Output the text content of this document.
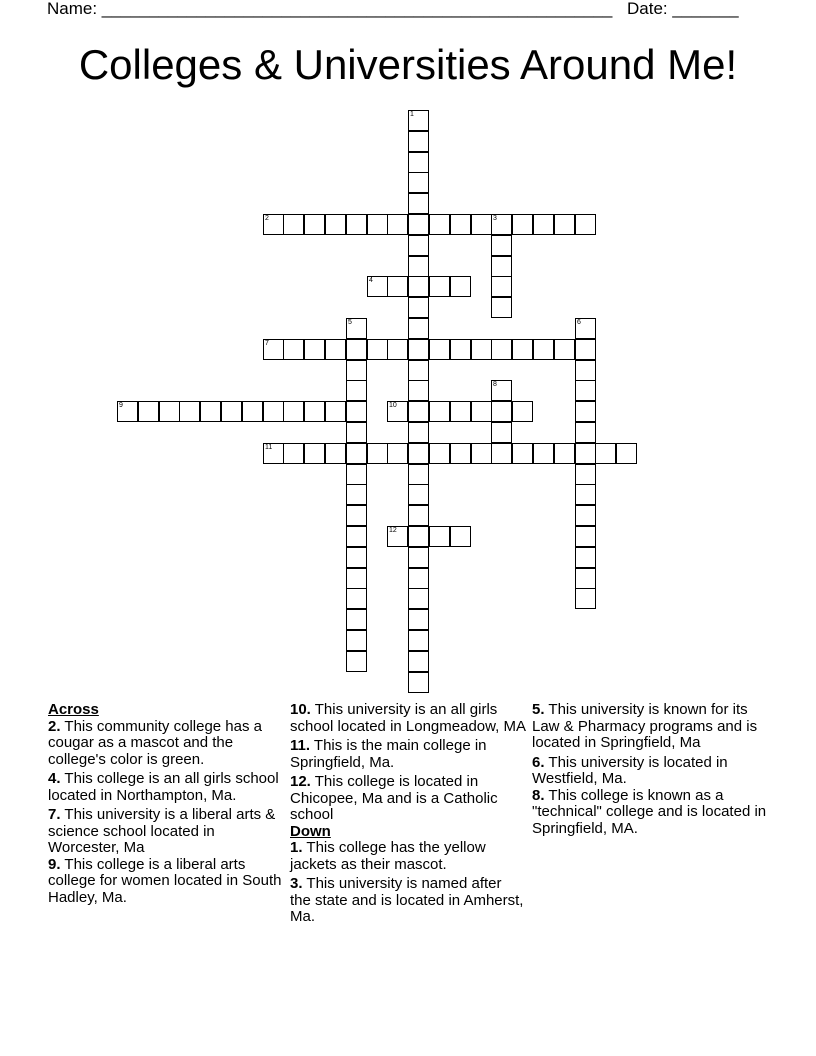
Name: ______________________________________________________ Date: _______
Colleges & Universities Around Me!
1
2	3
4
5	6
7
8
9	10
11
12
Across
2. This community college has a cougar as a mascot and the college's color is green.
4. This college is an all girls school located in Northampton, Ma.
7. This university is a liberal arts & science school located in Worcester, Ma
9. This college is a liberal arts college for women located in South Hadley, Ma.
10. This university is an all girls school located in Longmeadow, MA
11. This is the main college in Springfield, Ma.
12. This college is located in Chicopee, Ma and is a Catholic school
Down
1. This college has the yellow jackets as their mascot.
3. This university is named after the state and is located in Amherst, Ma.
5. This university is known for its Law & Pharmacy programs and is located in Springfield, Ma
6. This university is located in Westfield, Ma.
8. This college is known as a "technical" college and is located in Springfield, MA.
